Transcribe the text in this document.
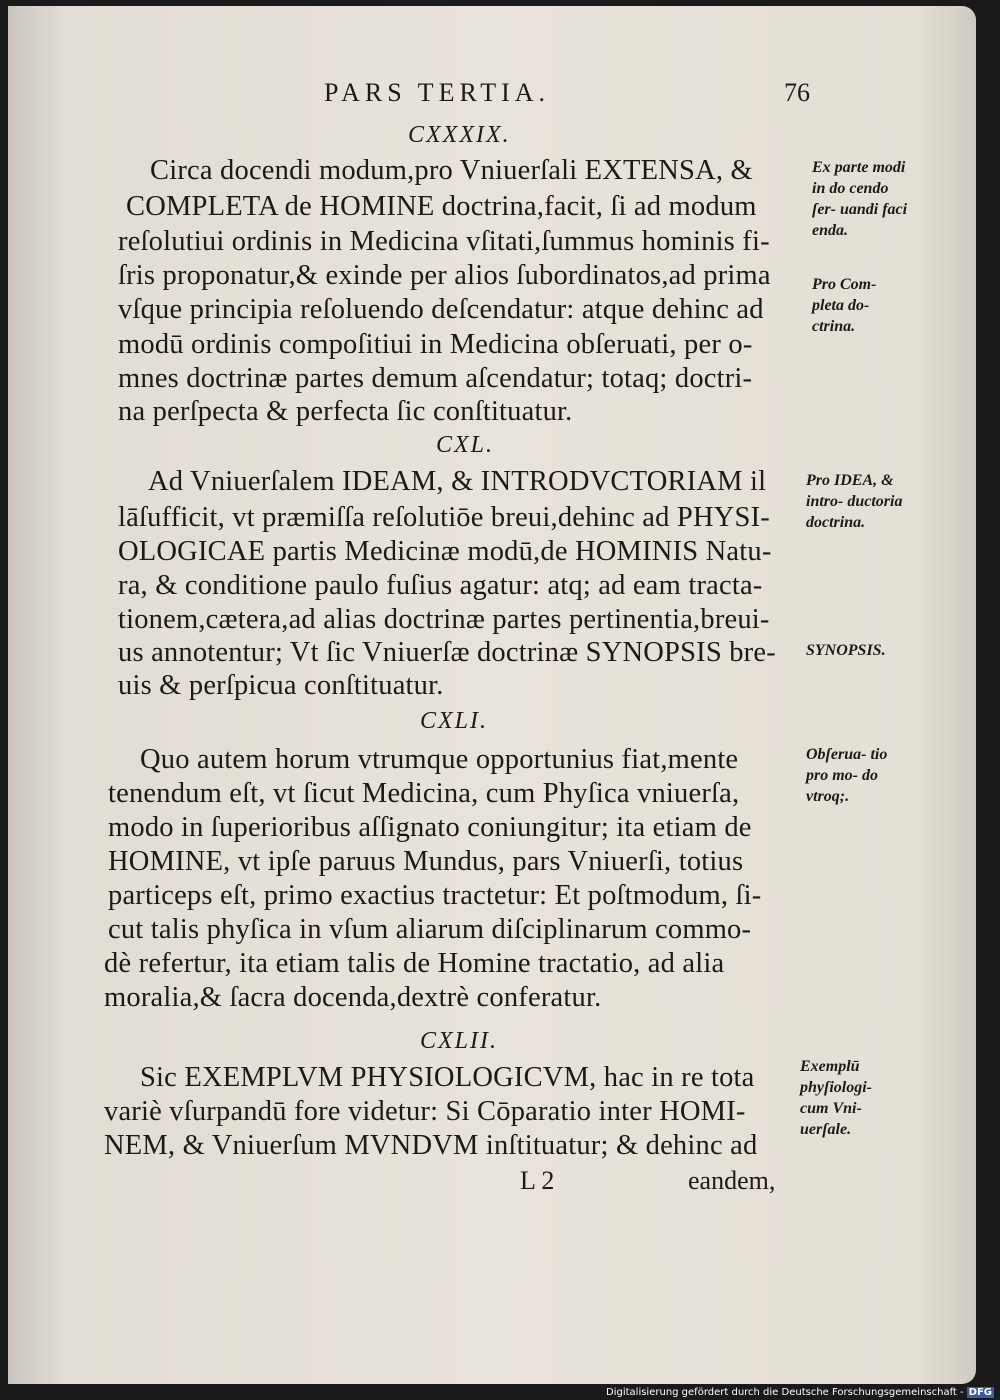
PARS TERTIA.	76
CXXXIX.
Circa docendi modum,pro Vniuerſali EXTENSA, &
COMPLETA de HOMINE doctrina,facit, ſi ad modum
reſolutiui ordinis in Medicina vſitati,ſummus hominis fi-
ſris proponatur,& exinde per alios ſubordinatos,ad prima
vſque principia reſoluendo deſcendatur: atque dehinc ad
modū ordinis compoſitiui in Medicina obſeruati, per o-
mnes doctrinæ partes demum aſcendatur; totaq; doctri-
na perſpecta & perfecta ſic conſtituatur.
Ex parte modi in do cendo ſer- uandi faci enda.
Pro Com- pleta do- ctrina.
CXL.
Ad Vniuerſalem IDEAM, & INTRODVCTORIAM il
lāſufficit, vt præmiſſa reſolutiōe breui,dehinc ad PHYSI-
OLOGICAE partis Medicinæ modū,de HOMINIS Natu-
ra, & conditione paulo fuſius agatur: atq; ad eam tracta-
tionem,cætera,ad alias doctrinæ partes pertinentia,breui-
us annotentur; Vt ſic Vniuerſæ doctrinæ SYNOPSIS bre-
uis & perſpicua conſtituatur.
Pro IDEA, & intro- ductoria doctrina.
SYNOPSIS.
CXLI.
Quo autem horum vtrumque opportunius fiat,mente
tenendum eſt, vt ſicut Medicina, cum Phyſica vniuerſa,
modo in ſuperioribus aſſignato coniungitur; ita etiam de
HOMINE, vt ipſe paruus Mundus, pars Vniuerſi, totius
particeps eſt, primo exactius tractetur: Et poſtmodum, ſi-
cut talis phyſica in vſum aliarum diſciplinarum commo-
dè refertur, ita etiam talis de Homine tractatio, ad alia
moralia,& ſacra docenda,dextrè conferatur.
Obſerua- tio pro mo- do vtroq;.
CXLII.
Sic EXEMPLVM PHYSIOLOGICVM, hac in re tota
variè vſurpandū fore videtur: Si Cōparatio inter HOMI-
NEM, & Vniuerſum MVNDVM inſtituatur; & dehinc ad
Exemplū phyſiologi- cum Vni- uerſale.
L 2	eandem,
Digitalisierung gefördert durch die Deutsche Forschungsgemeinschaft - DFG
